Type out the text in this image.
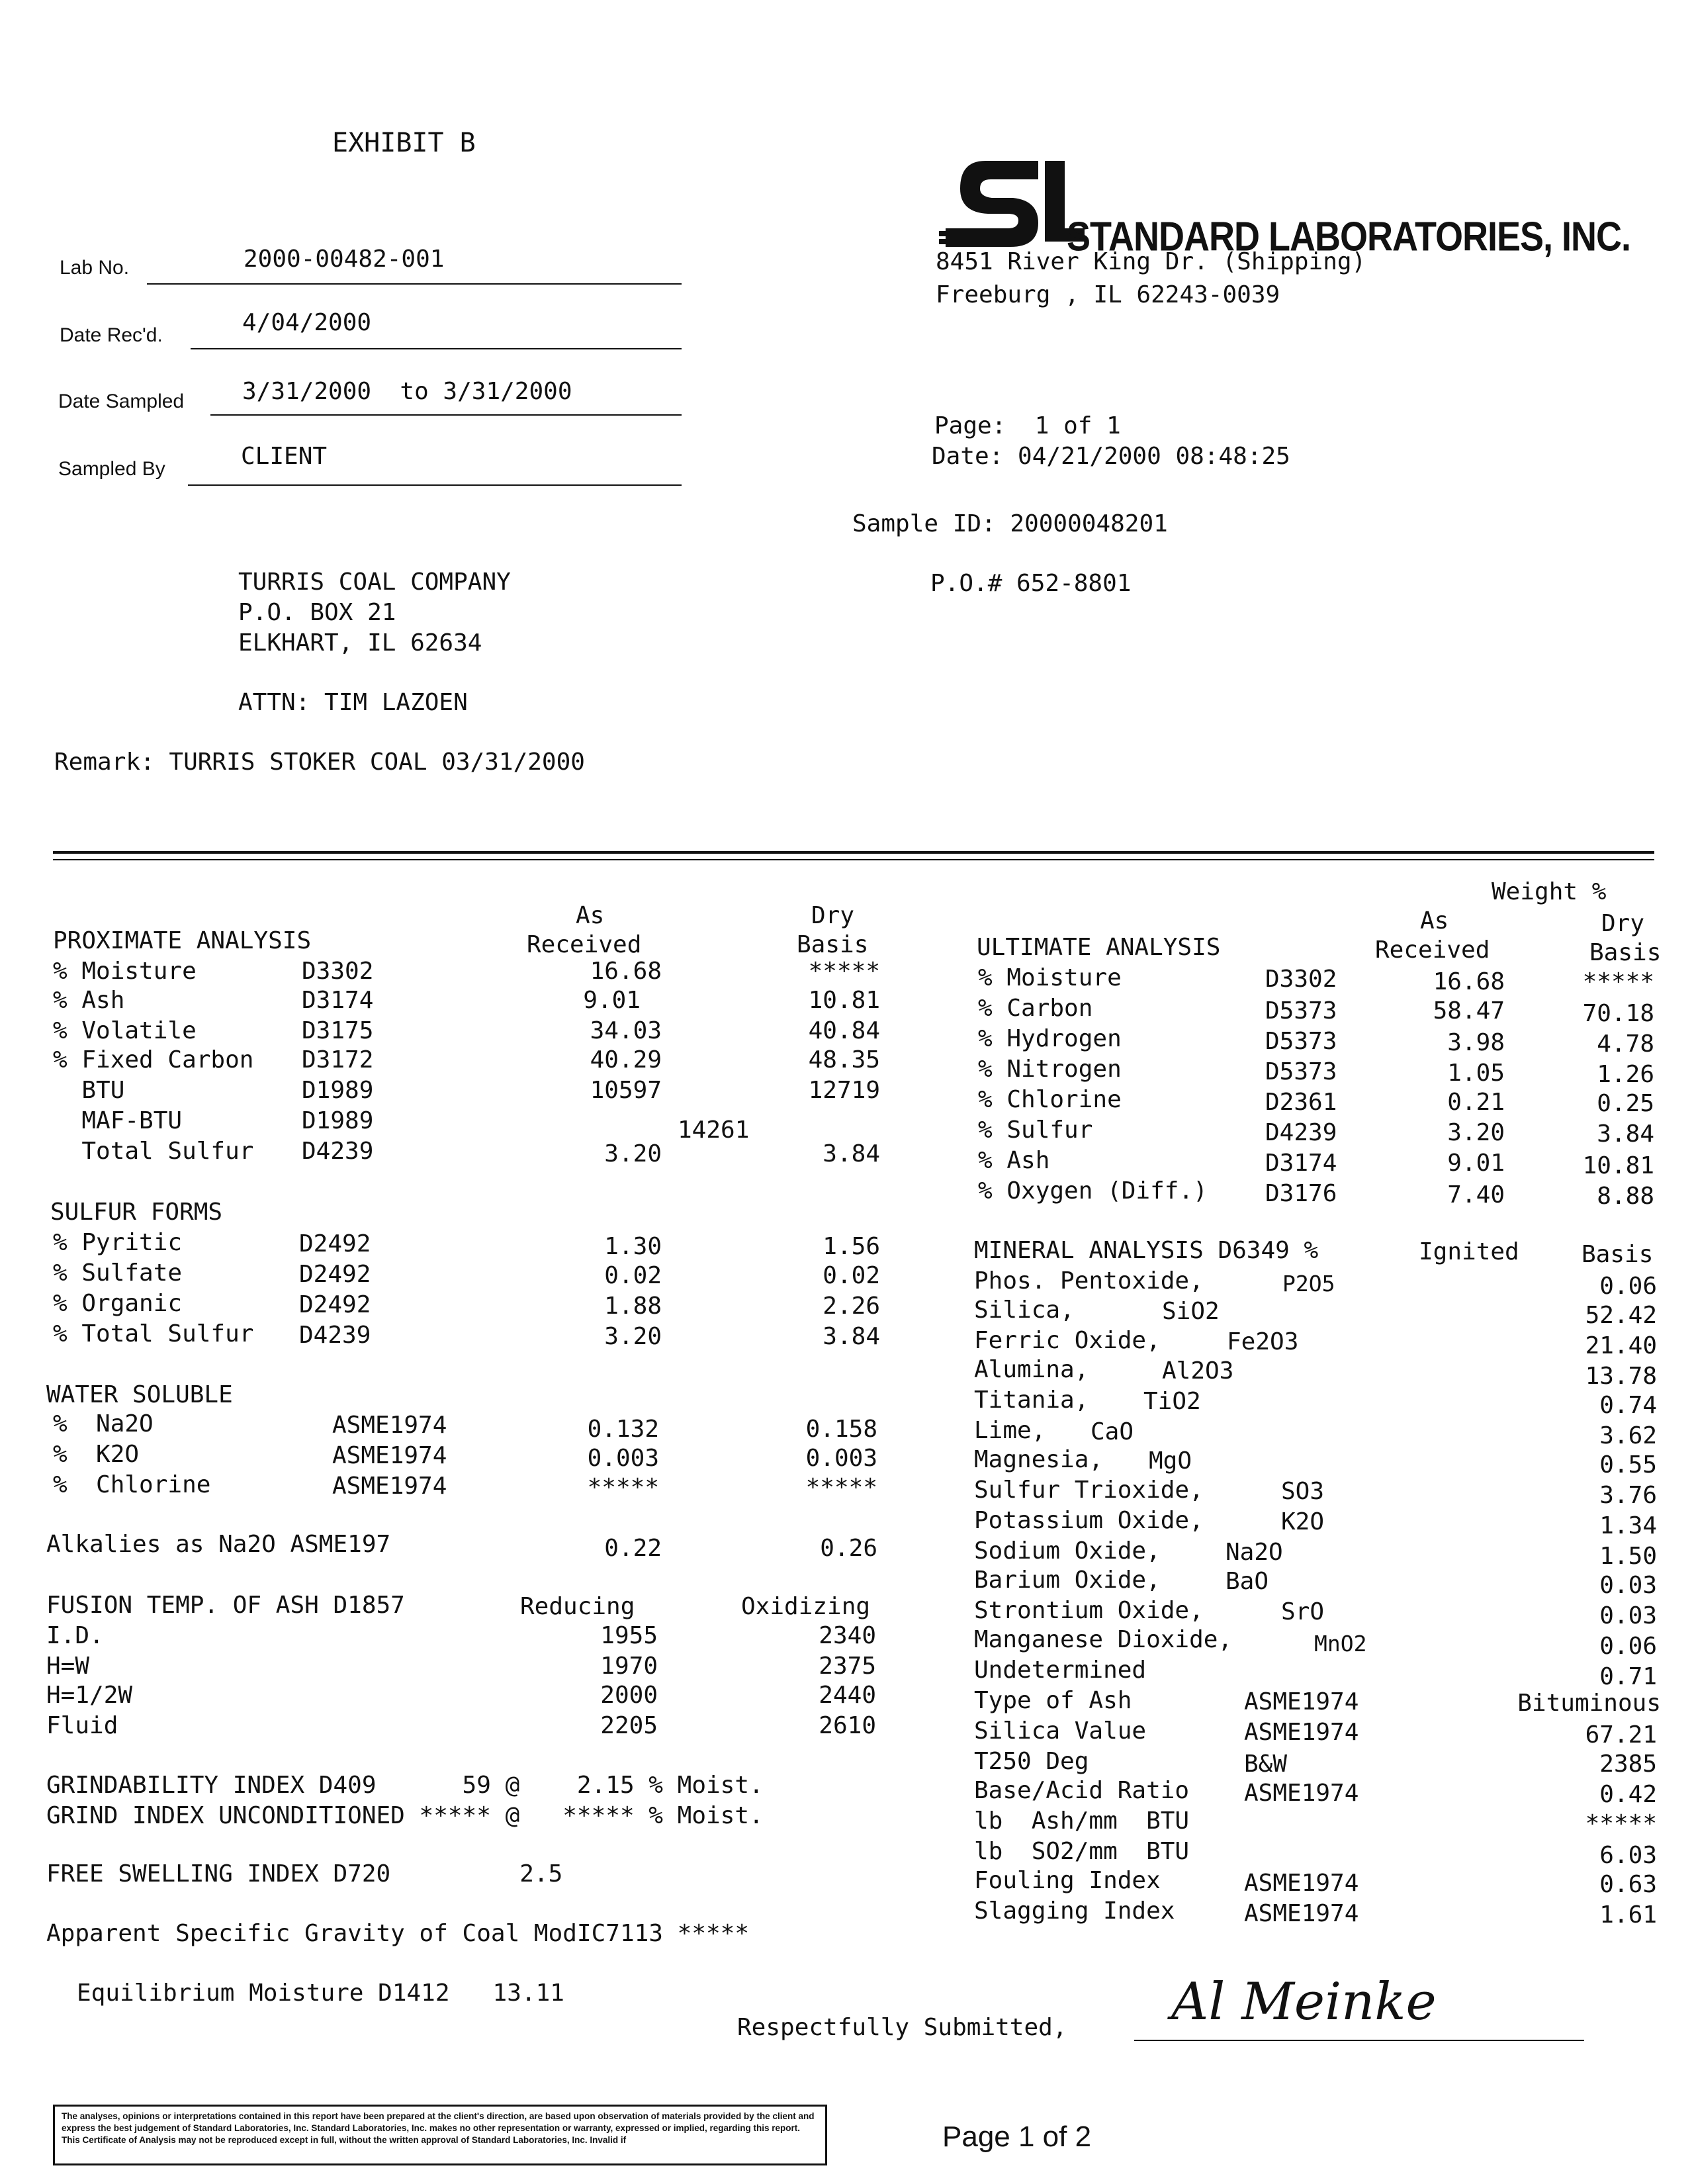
EXHIBIT B
Lab No.	2000-00482-001
Date Rec'd.	4/04/2000
Date Sampled 3/31/2000  to 3/31/2000
Sampled By	CLIENT

STANDARD LABORATORIES, INC.
8451 River King Dr. (Shipping)
Freeburg , IL 62243-0039
Page:  1 of 1
Date: 04/21/2000 08:48:25
Sample ID: 20000048201
P.O.# 652-8801
TURRIS COAL COMPANY
P.O. BOX 21
ELKHART, IL 62634
ATTN: TIM LAZOEN
Remark: TURRIS STOKER COAL 03/31/2000
As
Received
Dry
Basis
PROXIMATE ANALYSIS
% Moisture	D3302	16.68	*****
% Ash	D3174	9.01	10.81
% Volatile	D3175	34.03	40.84
% Fixed Carbon D3172	40.29	48.35
BTU	D1989	10597	12719
MAF-BTU	D1989	14261
Total Sulfur D4239	3.20	3.84
SULFUR FORMS
% Pyritic	D2492	1.30	1.56
% Sulfate	D2492	0.02	0.02
% Organic	D2492	1.88	2.26
% Total Sulfur D4239	3.20	3.84
WATER SOLUBLE
%  Na2O	ASME1974	0.132	0.158
%  K2O	ASME1974	0.003	0.003
%  Chlorine	ASME1974	*****	*****
Alkalies as Na2O ASME197	0.22	0.26
FUSION TEMP. OF ASH D1857	Reducing	Oxidizing
I.D.	1955	2340
H=W	1970	2375
H=1/2W	2000	2440
Fluid	2205	2610
GRINDABILITY INDEX D409      59 @    2.15 % Moist.
GRIND INDEX UNCONDITIONED ***** @   ***** % Moist.
FREE SWELLING INDEX D720         2.5
Apparent Specific Gravity of Coal ModIC7113 *****
Equilibrium Moisture D1412   13.11
Weight %
As
Received
Dry
Basis
ULTIMATE ANALYSIS
% Moisture	D3302	16.68	*****
% Carbon	D5373	58.47	70.18
% Hydrogen	D5373	3.98	4.78
% Nitrogen	D5373	1.05	1.26
% Chlorine	D2361	0.21	0.25
% Sulfur	D4239	3.20	3.84
% Ash	D3174	9.01	10.81
% Oxygen (Diff.) D3176	7.40	8.88
MINERAL ANALYSIS D6349 %	Ignited	Basis
Phos. Pentoxide,	P2O5	0.06
Silica,	SiO2	52.42
Ferric Oxide,	Fe2O3	21.40
Alumina,	Al2O3	13.78
Titania, TiO2	0.74
Lime, CaO	3.62
Magnesia, MgO	0.55
Sulfur Trioxide,	SO3	3.76
Potassium Oxide,	K2O	1.34
Sodium Oxide,	Na2O	1.50
Barium Oxide,	BaO	0.03
Strontium Oxide,	SrO	0.03
Manganese Dioxide,	MnO2	0.06
Undetermined	0.71
Type of Ash	ASME1974	Bituminous
Silica Value	ASME1974	67.21
T250 Deg	B&W	2385
Base/Acid Ratio ASME1974	0.42
lb  Ash/mm  BTU	*****
lb  SO2/mm  BTU	6.03
Fouling Index	ASME1974	0.63
Slagging Index	ASME1974	1.61
Respectfully Submitted, Al Meinke
The analyses, opinions or interpretations contained in this report have been prepared at the client's direction, are based upon observation of materials provided by the client and express the best judgement of Standard Laboratories, Inc. Standard Laboratories, Inc. makes no other representation or warranty, expressed or implied, regarding this report. This Certificate of Analysis may not be reproduced except in full, without the written approval of Standard Laboratories, Inc. Invalid if	Page 1 of 2
